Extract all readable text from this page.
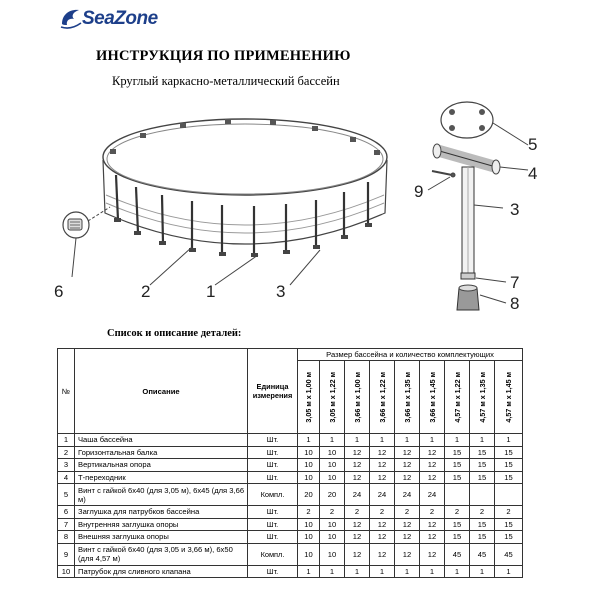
SeaZone
ИНСТРУКЦИЯ ПО ПРИМЕНЕНИЮ
Круглый каркасно-металлический бассейн
6	2	1	3
5
4
9
3
7
8
Список и описание деталей:
№	Описание	Единица измерения	Размер бассейна и количество комплектующих								

			3,05 м х 1,00 м	3,05 м х 1,22 м	3,66 м х 1,00 м	3,66 м х 1,22 м	3,66 м х 1,35 м	3,66 м х 1,45 м	4,57 м х 1,22 м	4,57 м х 1,35 м	4,57 м х 1,45 м

1	Чаша бассейна	Шт.	1	1	1	1	1	1	1	1	1
2	Горизонтальная балка	Шт.	10	10	12	12	12	12	15	15	15
3	Вертикальная опора	Шт.	10	10	12	12	12	12	15	15	15
4	Т-переходник	Шт.	10	10	12	12	12	12	15	15	15
5	Винт с гайкой 6х40 (для 3,05 м), 6х45 (для 3,66 м)	Компл.	20	20	24	24	24	24			
6	Заглушка для патрубков бассейна	Шт.	2	2	2	2	2	2	2	2	2
7	Внутренняя заглушка опоры	Шт.	10	10	12	12	12	12	15	15	15
8	Внешняя заглушка опоры	Шт.	10	10	12	12	12	12	15	15	15
9	Винт с гайкой 6х40 (для 3,05 и 3,66 м), 6х50 (для 4,57 м)	Компл.	10	10	12	12	12	12	45	45	45
10	Патрубок для сливного клапана	Шт.	1	1	1	1	1	1	1	1	1
